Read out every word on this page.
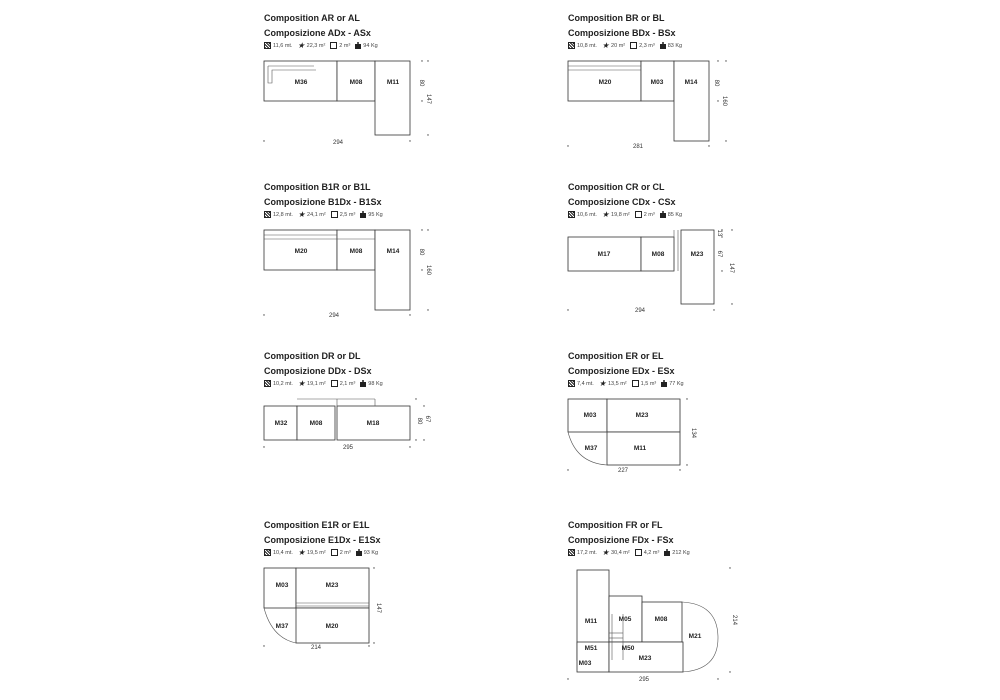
Composition AR or AL
Composizione ADx - ASx
11,6 mt. ★ 22,3 m²	2 m³ 94 Kg
M36	M08	M11
294
80
147
Composition BR or BL
Composizione BDx - BSx
10,8 mt. ★ 20 m²	2,3 m³ 83 Kg
M20	M03	M14
281
80
160
Composition B1R or B1L
Composizione B1Dx - B1Sx
12,8 mt. ★ 24,1 m²	2,5 m³ 95 Kg
M20	M08	M14
294
80
160
Composition CR or CL
Composizione CDx - CSx
10,6 mt. ★ 19,8 m²	2 m³ 85 Kg
M17	M08	M23
294
67
147
13
Composition DR or DL
Composizione DDx - DSx
10,2 mt. ★ 19,1 m²	2,1 m³ 98 Kg
M32	M08	M18
295
80 67
Composition ER or EL
Composizione EDx - ESx
7,4 mt. ★ 13,5 m²	1,5 m³ 77 Kg
M03	M23
M37	M11
227
134
Composition E1R or E1L
Composizione E1Dx - E1Sx
10,4 mt. ★ 19,5 m²	2 m³ 93 Kg
M03	M23
M37	M20
214
147
Composition FR or FL
Composizione FDx - FSx
17,2 mt. ★ 30,4 m²	4,2 m³ 212 Kg
M11	M05	M08
M21
M51	M50
M03
M23
295
214
